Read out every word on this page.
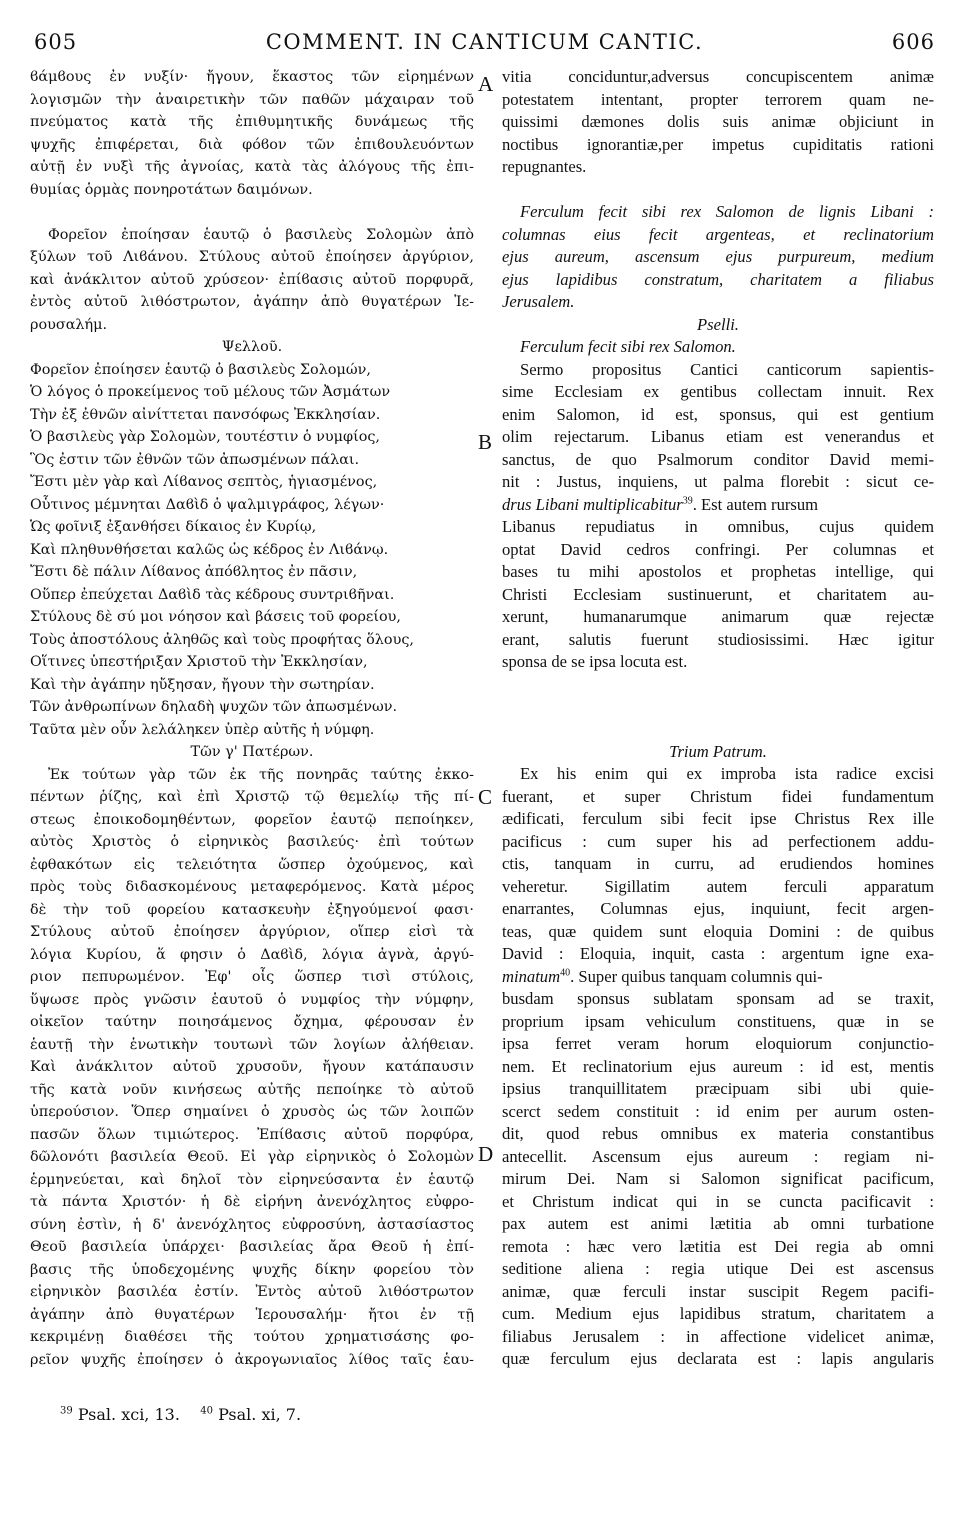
605	COMMENT. IN CANTICUM CANTIC.	606
A
B
C
D
ϐάμϐους ἐν νυξίν· ἤγουν, ἕκαστος τῶν εἰρημένων
λογισμῶν τὴν ἀναιρετικὴν τῶν παθῶν μάχαιραν τοῦ
πνεύματος κατὰ τῆς ἐπιθυμητικῆς δυνάμεως τῆς
ψυχῆς ἐπιφέρεται, διὰ φόϐον τῶν ἐπιϐουλευόντων
αὐτῇ ἐν νυξὶ τῆς ἀγνοίας, κατὰ τὰς ἀλόγους τῆς ἐπι-
θυμίας ὁρμὰς πονηροτάτων δαιμόνων.
Φορεῖον ἐποίησαν ἑαυτῷ ὁ βασιλεὺς Σολομὼν ἀπὸ
ξύλων τοῦ Λιϐάνου. Στύλους αὐτοῦ ἐποίησεν ἀργύριον,
καὶ ἀνάκλιτον αὐτοῦ χρύσεον· ἐπίϐασις αὐτοῦ πορφυρᾶ,
ἐντὸς αὐτοῦ λιθόστρωτον, ἀγάπην ἀπὸ θυγατέρων Ἱε-
ρουσαλήμ.
Ψελλοῦ.
Φορεῖον ἐποίησεν ἑαυτῷ ὁ βασιλεὺς Σολομών,
Ὁ λόγος ὁ προκείμενος τοῦ μέλους τῶν Ἀσμάτων
Τὴν ἐξ ἐθνῶν αἰνίττεται πανσόφως Ἐκκλησίαν.
Ὁ βασιλεὺς γὰρ Σολομὼν, τουτέστιν ὁ νυμφίος,
Ὃς ἐστιν τῶν ἐθνῶν τῶν ἀπωσμένων πάλαι.
Ἔστι μὲν γὰρ καὶ Λίϐανος σεπτὸς, ἡγιασμένος,
Οὗτινος μέμνηται Δαϐὶδ ὁ ψαλμιγράφος, λέγων·
Ὡς φοῖνιξ ἐξανθήσει δίκαιος ἐν Κυρίῳ,
Καὶ πληθυνθήσεται καλῶς ὡς κέδρος ἐν Λιϐάνῳ.
Ἔστι δὲ πάλιν Λίϐανος ἀπόϐλητος ἐν πᾶσιν,
Οὕπερ ἐπεύχεται Δαϐὶδ τὰς κέδρους συντριϐῆναι.
Στύλους δὲ σύ μοι νόησον καὶ βάσεις τοῦ φορείου,
Τοὺς ἀποστόλους ἀληθῶς καὶ τοὺς προφήτας ὅλους,
Οἵτινες ὑπεστήριξαν Χριστοῦ τὴν Ἐκκλησίαν,
Καὶ τὴν ἀγάπην ηὔξησαν, ἤγουν τὴν σωτηρίαν.
Τῶν ἀνθρωπίνων δηλαδὴ ψυχῶν τῶν ἀπωσμένων.
Ταῦτα μὲν οὖν λελάληκεν ὑπὲρ αὐτῆς ἡ νύμφη.
Τῶν γ' Πατέρων.
Ἐκ τούτων γὰρ τῶν ἐκ τῆς πονηρᾶς ταύτης ἐκκο-
πέντων ῥίζης, καὶ ἐπὶ Χριστῷ τῷ θεμελίῳ τῆς πί-
στεως ἐποικοδομηθέντων, φορεῖον ἑαυτῷ πεποίηκεν,
αὐτὸς Χριστὸς ὁ εἰρηνικὸς βασιλεύς· ἐπὶ τούτων
ἐφθακότων εἰς τελειότητα ὥσπερ ὀχούμενος, καὶ
πρὸς τοὺς διδασκομένους μεταφερόμενος. Κατὰ μέρος
δὲ τὴν τοῦ φορείου κατασκευὴν ἐξηγούμενοί φασι·
Στύλους αὐτοῦ ἐποίησεν ἀργύριον, οἵπερ εἰσὶ τὰ
λόγια Κυρίου, ἅ φησιν ὁ Δαϐὶδ, λόγια ἁγνὰ, ἀργύ-
ριον πεπυρωμένον. Ἐφ' οἷς ὥσπερ τισὶ στύλοις,
ὕψωσε πρὸς γνῶσιν ἑαυτοῦ ὁ νυμφίος τὴν νύμφην,
οἰκεῖον ταύτην ποιησάμενος ὄχημα, φέρουσαν ἐν
ἑαυτῇ τὴν ἑνωτικὴν τουτωνὶ τῶν λογίων ἀλήθειαν.
Καὶ ἀνάκλιτον αὐτοῦ χρυσοῦν, ἤγουν κατάπαυσιν
τῆς κατὰ νοῦν κινήσεως αὐτῆς πεποίηκε τὸ αὐτοῦ
ὑπερούσιον. Ὅπερ σημαίνει ὁ χρυσὸς ὡς τῶν λοιπῶν
πασῶν ὅλων τιμιώτερος. Ἐπίϐασις αὐτοῦ πορφύρα,
δῶλονότι βασιλεία Θεοῦ. Εἰ γὰρ εἰρηνικὸς ὁ Σολομὼν
ἑρμηνεύεται, καὶ δηλοῖ τὸν εἰρηνεύσαντα ἐν ἑαυτῷ
τὰ πάντα Χριστόν· ἡ δὲ εἰρήνη ἀνενόχλητος εὐφρο-
σύνη ἐστὶν, ἡ δ' ἀνενόχλητος εὐφροσύνη, ἀστασίαστος
Θεοῦ βασιλεία ὑπάρχει· βασιλείας ἄρα Θεοῦ ἡ ἐπί-
βασις τῆς ὑποδεχομένης ψυχῆς δίκην φορείου τὸν
εἰρηνικὸν βασιλέα ἐστίν. Ἐντὸς αὐτοῦ λιθόστρωτον
ἀγάπην ἀπὸ θυγατέρων Ἱερουσαλήμ· ἤτοι ἐν τῇ
κεκριμένῃ διαθέσει τῆς τούτου χρηματισάσης φο-
ρεῖον ψυχῆς ἐποίησεν ὁ ἀκρογωνιαῖος λίθος ταῖς ἑαυ-
vitia conciduntur,adversus concupiscentem animæ
potestatem intentant, propter terrorem quam ne-
quissimi dæmones dolis suis animæ objiciunt in
noctibus ignorantiæ,per impetus cupiditatis rationi
repugnantes.
Ferculum fecit sibi rex Salomon de lignis Libani :
columnas eius fecit argenteas, et reclinatorium
ejus aureum, ascensum ejus purpureum, medium
ejus lapidibus constratum, charitatem a filiabus
Jerusalem.
Pselli.
Ferculum fecit sibi rex Salomon.
Sermo propositus Cantici canticorum sapientis-
sime Ecclesiam ex gentibus collectam innuit. Rex
enim Salomon, id est, sponsus, qui est gentium
olim rejectarum. Libanus etiam est venerandus et
sanctus, de quo Psalmorum conditor David memi-
nit : Justus, inquiens, ut palma florebit : sicut ce-
drus Libani multiplicabitur$^{39}$. Est autem rursum
Libanus repudiatus in omnibus, cujus quidem
optat David cedros confringi. Per columnas et
bases tu mihi apostolos et prophetas intellige, qui
Christi Ecclesiam sustinuerunt, et charitatem au-
xerunt, humanarumque animarum quæ rejectæ
erant, salutis fuerunt studiosissimi. Hæc igitur
sponsa de se ipsa locuta est.
Trium Patrum.
Ex his enim qui ex improba ista radice excisi
fuerant, et super Christum fidei fundamentum
ædificati, ferculum sibi fecit ipse Christus Rex ille
pacificus : cum super his ad perfectionem addu-
ctis, tanquam in curru, ad erudiendos homines
veheretur. Sigillatim autem ferculi apparatum
enarrantes, Columnas ejus, inquiunt, fecit argen-
teas, quæ quidem sunt eloquia Domini : de quibus
David : Eloquia, inquit, casta : argentum igne exa-
minatum$^{40}$. Super quibus tanquam columnis qui-
busdam sponsus sublatam sponsam ad se traxit,
proprium ipsam vehiculum constituens, quæ in se
ipsa ferret veram horum eloquiorum conjunctio-
nem. Et reclinatorium ejus aureum : id est, mentis
ipsius tranquillitatem præcipuam sibi ubi quie-
scerct sedem constituit : id enim per aurum osten-
dit, quod rebus omnibus ex materia constantibus
antecellit. Ascensum ejus aureum : regiam ni-
mirum Dei. Nam si Salomon significat pacificum,
et Christum indicat qui in se cuncta pacificavit :
pax autem est animi lætitia ab omni turbatione
remota : hæc vero lætitia est Dei regia ab omni
seditione aliena : regia utique Dei est ascensus
animæ, quæ ferculi instar suscipit Regem pacifi-
cum. Medium ejus lapidibus stratum, charitatem a
filiabus Jerusalem : in affectione videlicet animæ,
quæ ferculum ejus declarata est : lapis angularis
$^{39}$ Psal. xci, 13. $^{40}$ Psal. xi, 7.
